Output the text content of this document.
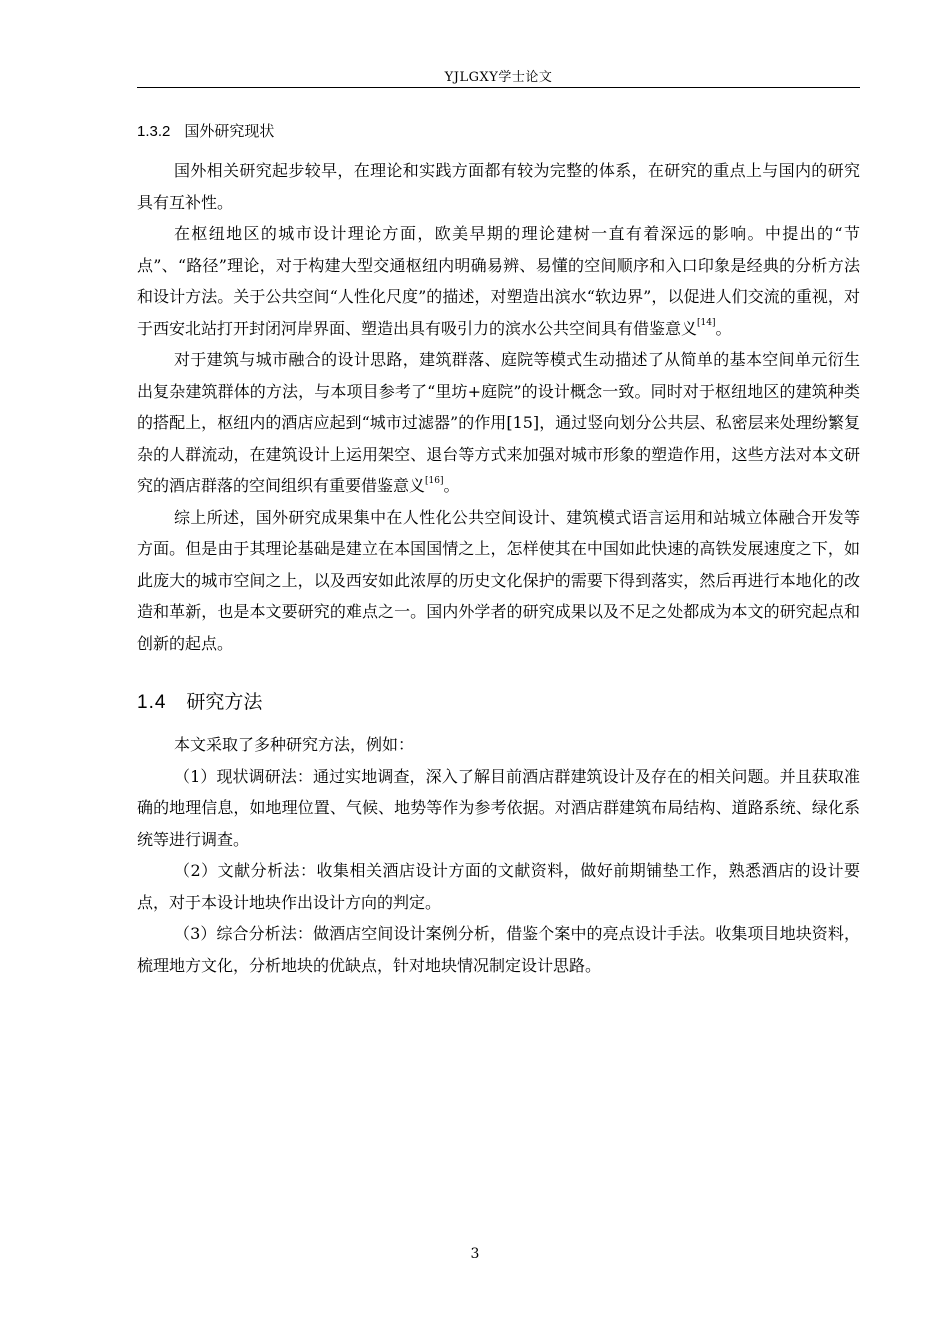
YJLGXY学士论文
1.3.2 国外研究现状

国外相关研究起步较早，在理论和实践方面都有较为完整的体系，在研究的重点上与国内的研究具有互补性。

在枢纽地区的城市设计理论方面，欧美早期的理论建树一直有着深远的影响。中提出的“节点”、“路径”理论，对于构建大型交通枢纽内明确易辨、易懂的空间顺序和入口印象是经典的分析方法和设计方法。关于公共空间“人性化尺度”的描述，对塑造出滨水“软边界”，以促进人们交流的重视，对于西安北站打开封闭河岸界面、塑造出具有吸引力的滨水公共空间具有借鉴意义[14]。

对于建筑与城市融合的设计思路，建筑群落、庭院等模式生动描述了从简单的基本空间单元衍生出复杂建筑群体的方法，与本项目参考了“里坊+庭院”的设计概念一致。同时对于枢纽地区的建筑种类的搭配上，枢纽内的酒店应起到“城市过滤器”的作用[15]，通过竖向划分公共层、私密层来处理纷繁复杂的人群流动，在建筑设计上运用架空、退台等方式来加强对城市形象的塑造作用，这些方法对本文研究的酒店群落的空间组织有重要借鉴意义[16]。

综上所述，国外研究成果集中在人性化公共空间设计、建筑模式语言运用和站城立体融合开发等方面。但是由于其理论基础是建立在本国国情之上，怎样使其在中国如此快速的高铁发展速度之下，如此庞大的城市空间之上，以及西安如此浓厚的历史文化保护的需要下得到落实，然后再进行本地化的改造和革新，也是本文要研究的难点之一。国内外学者的研究成果以及不足之处都成为本文的研究起点和创新的起点。

1.4 研究方法

本文采取了多种研究方法，例如：

（1）现状调研法：通过实地调查，深入了解目前酒店群建筑设计及存在的相关问题。并且获取准确的地理信息，如地理位置、气候、地势等作为参考依据。对酒店群建筑布局结构、道路系统、绿化系统等进行调查。

（2）文献分析法：收集相关酒店设计方面的文献资料，做好前期铺垫工作，熟悉酒店的设计要点，对于本设计地块作出设计方向的判定。

（3）综合分析法：做酒店空间设计案例分析，借鉴个案中的亮点设计手法。收集项目地块资料，梳理地方文化，分析地块的优缺点，针对地块情况制定设计思路。

3
